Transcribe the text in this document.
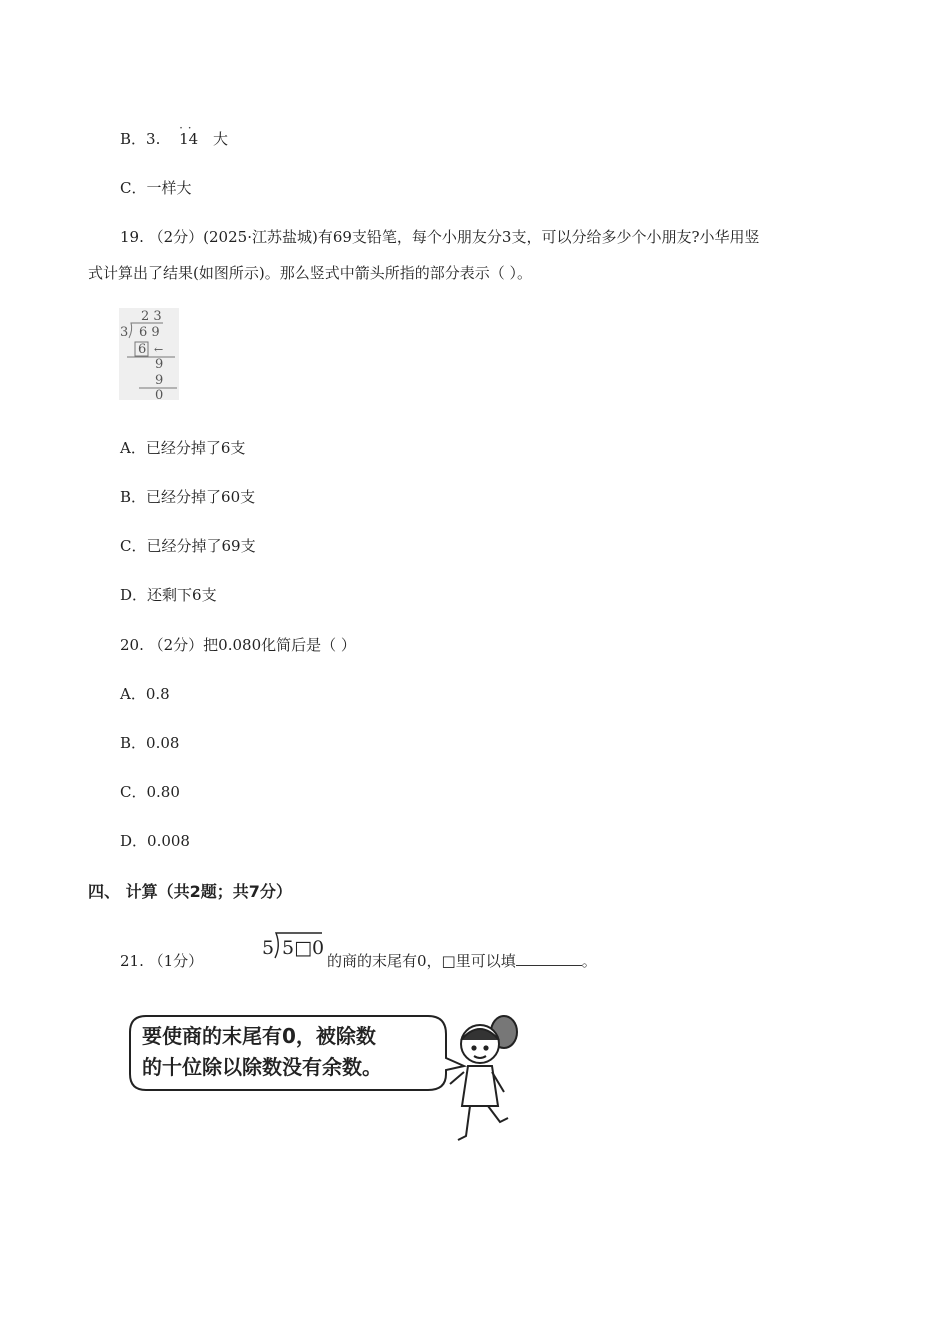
B．3. ·  · 14 大
C．一样大
19. （2分）(2025·江苏盐城)有69支铅笔，每个小朋友分3支，可以分给多少个小朋友?小华用竖
式计算出了结果(如图所示)。那么竖式中箭头所指的部分表示（ ）。
2 3
3 6 9
6 ←
9
9
0
A．已经分掉了6支
B．已经分掉了60支
C．已经分掉了69支
D．还剩下6支
20. （2分）把0.080化简后是（ ）
A．0.8
B．0.08
C．0.80
D．0.008
四、 计算（共2题；共7分）
21. （1分）
5 5□0
的商的末尾有0，□里可以填	。
要使商的末尾有0，被除数
的十位除以除数没有余数。
